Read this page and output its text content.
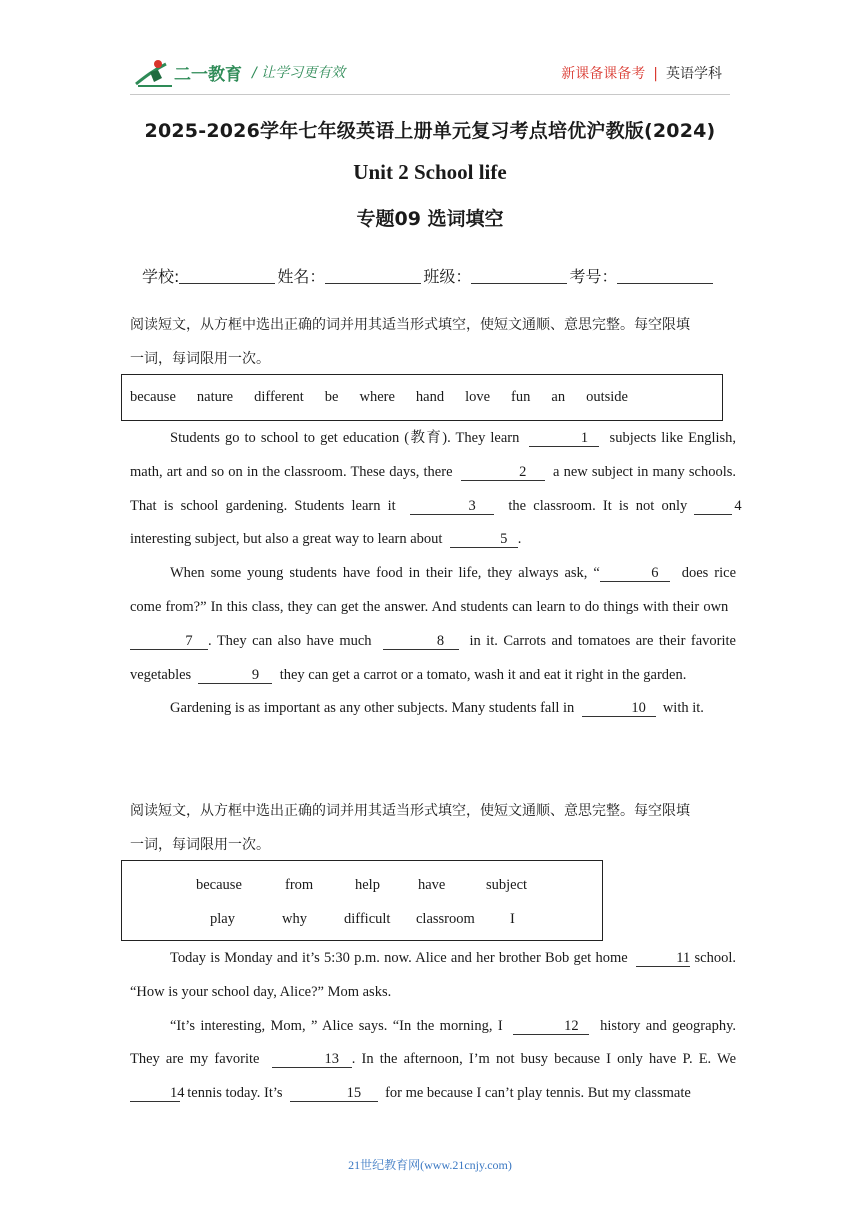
二一教育 / 让学习更有效	新课备课备考 | 英语学科
2025-2026学年七年级英语上册单元复习考点培优沪教版(2024)
Unit 2 School life
专题09 选词填空
学校:	姓名：	班级：	考号：
阅读短文，从方框中选出正确的词并用其适当形式填空，使短文通顺、意思完整。每空限填
一词，每词限用一次。
because nature different be where hand love fun an outside
Students go to school to get education (教育). They learn	1 subjects like English, math, art and so on in the classroom. These days, there	2 a new subject in many schools. That is school gardening. Students learn it	3 the classroom. It is not only	4  interesting subject, but also a great way to learn about	5 .
When some young students have food in their life, they always ask, “	6 does rice come from?” In this class, they can get the answer. And students can learn to do things with their own  7 . They can also have much	8 in it. Carrots and tomatoes are their favorite vegetables	9 they can get a carrot or a tomato, wash it and eat it right in the garden.
Gardening is as important as any other subjects. Many students fall in	10 with it.
阅读短文，从方框中选出正确的词并用其适当形式填空，使短文通顺、意思完整。每空限填
一词，每词限用一次。
because	from	help	have	subject
play	why	difficult classroom I
Today is Monday and it’s 5:30 p.m. now. Alice and her brother Bob get home	11 school. “How is your school day, Alice?” Mom asks.
“It’s interesting, Mom, ” Alice says. “In the morning, I	12 history and geography. They are my favorite	13 . In the afternoon, I’m not busy because I only have P. E. We 14 tennis today. It’s	15 for me because I can’t play tennis. But my classmate
21世纪教育网(www.21cnjy.com)
